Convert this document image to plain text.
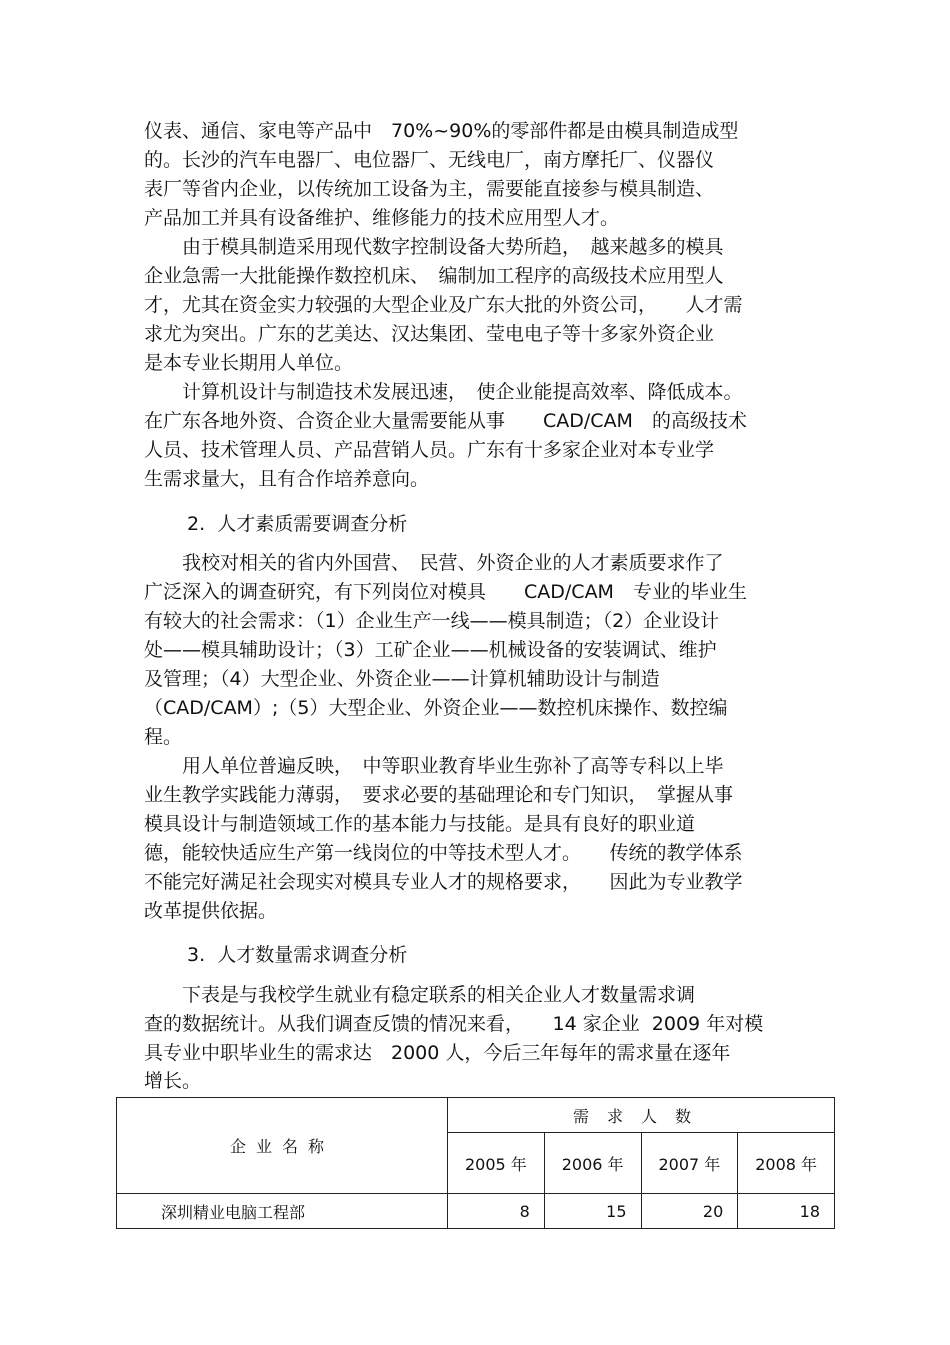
仪表、通信、家电等产品中　70%~90%的零部件都是由模具制造成型
的。长沙的汽车电器厂、电位器厂、无线电厂，南方摩托厂、仪器仪
表厂等省内企业，以传统加工设备为主，需要能直接参与模具制造、
产品加工并具有设备维护、维修能力的技术应用型人才。
　　由于模具制造采用现代数字控制设备大势所趋，　越来越多的模具
企业急需一大批能操作数控机床、　编制加工程序的高级技术应用型人
才，尤其在资金实力较强的大型企业及广东大批的外资公司，　　人才需
求尤为突出。广东的艺美达、汉达集团、莹电电子等十多家外资企业
是本专业长期用人单位。
　　计算机设计与制造技术发展迅速，　使企业能提高效率、降低成本。
在广东各地外资、合资企业大量需要能从事　　CAD/CAM　的高级技术
人员、技术管理人员、产品营销人员。广东有十多家企业对本专业学
生需求量大，且有合作培养意向。
2.  人才素质需要调查分析
　　我校对相关的省内外国营、　民营、外资企业的人才素质要求作了
广泛深入的调查研究，有下列岗位对模具　　CAD/CAM　专业的毕业生
有较大的社会需求：（1）企业生产一线——模具制造；（2）企业设计
处——模具辅助设计；（3）工矿企业——机械设备的安装调试、维护
及管理；（4）大型企业、外资企业——计算机辅助设计与制造
（CAD/CAM）;（5）大型企业、外资企业——数控机床操作、数控编
程。
　　用人单位普遍反映，　中等职业教育毕业生弥补了高等专科以上毕
业生教学实践能力薄弱，　要求必要的基础理论和专门知识，　掌握从事
模具设计与制造领域工作的基本能力与技能。是具有良好的职业道
德，能较快适应生产第一线岗位的中等技术型人才。　　传统的教学体系
不能完好满足社会现实对模具专业人才的规格要求，　　因此为专业教学
改革提供依据。
3.  人才数量需求调查分析
　　下表是与我校学生就业有稳定联系的相关企业人才数量需求调
查的数据统计。从我们调查反馈的情况来看，　　14 家企业  2009 年对模
具专业中职毕业生的需求达　2000 人，今后三年每年的需求量在逐年
增长。
企业名称	需求人数			
	2005 年	2006 年	2007 年	2008 年
深圳精业电脑工程部	8	15	20	18
